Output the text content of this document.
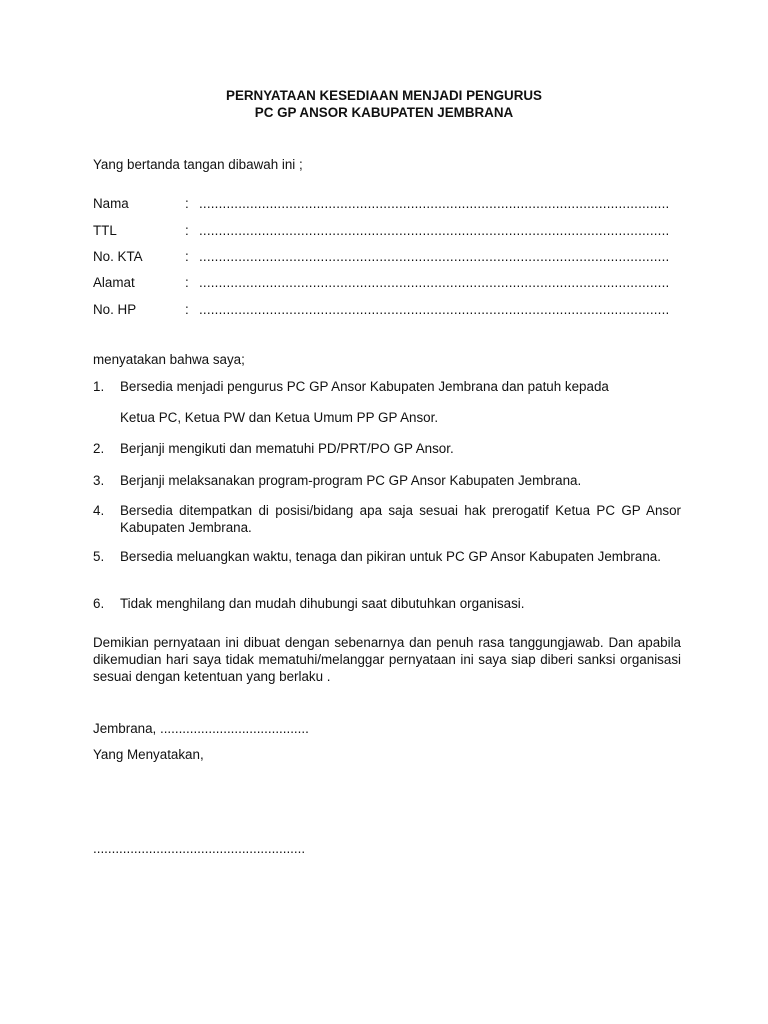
PERNYATAAN KESEDIAAN MENJADI PENGURUS
PC GP ANSOR KABUPATEN JEMBRANA
Yang bertanda tangan dibawah ini ;
Nama	: ........................................................................................................................
TTL	: ........................................................................................................................
No. KTA	: ........................................................................................................................
Alamat	: ........................................................................................................................
No. HP	: ........................................................................................................................
menyatakan bahwa saya;
1. Bersedia menjadi pengurus PC GP Ansor Kabupaten Jembrana dan patuh kepada
Ketua PC, Ketua PW dan Ketua Umum PP GP Ansor.
2. Berjanji mengikuti dan mematuhi PD/PRT/PO GP Ansor.
3. Berjanji melaksanakan program-program PC GP Ansor Kabupaten Jembrana.
4. Bersedia ditempatkan di posisi/bidang apa saja sesuai hak prerogatif Ketua PC GP Ansor Kabupaten Jembrana.
5. Bersedia meluangkan waktu, tenaga dan pikiran untuk PC GP Ansor Kabupaten Jembrana.
6. Tidak menghilang dan mudah dihubungi saat dibutuhkan organisasi.
Demikian pernyataan ini dibuat dengan sebenarnya dan penuh rasa tanggungjawab. Dan apabila dikemudian hari saya tidak mematuhi/melanggar pernyataan ini saya siap diberi sanksi organisasi sesuai dengan ketentuan yang berlaku .
Jembrana, ........................................
Yang Menyatakan,
.........................................................
